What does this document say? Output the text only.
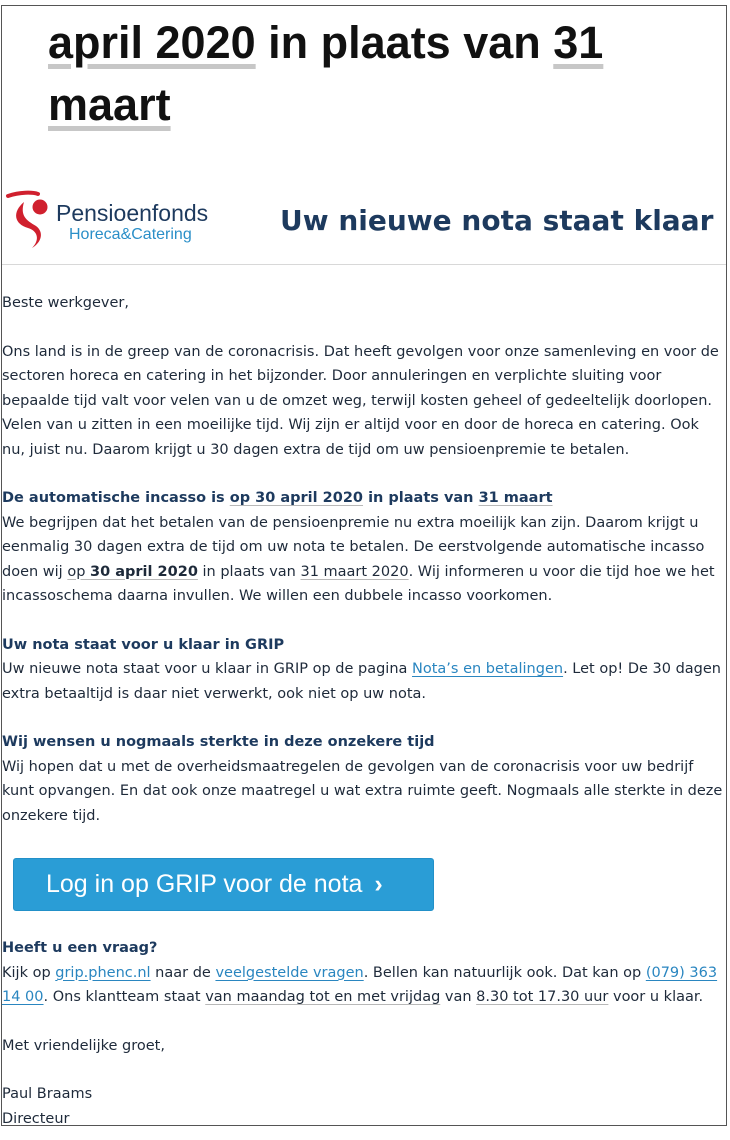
april 2020 in plaats van 31
maart
Pensioenfonds
Horeca&Catering	Uw nieuwe nota staat klaar

Beste werkgever,

Ons land is in de greep van de coronacrisis. Dat heeft gevolgen voor onze samenleving en voor de

sectoren horeca en catering in het bijzonder. Door annuleringen en verplichte sluiting voor

bepaalde tijd valt voor velen van u de omzet weg, terwijl kosten geheel of gedeeltelijk doorlopen.

Velen van u zitten in een moeilijke tijd. Wij zijn er altijd voor en door de horeca en catering. Ook

nu, juist nu. Daarom krijgt u 30 dagen extra de tijd om uw pensioenpremie te betalen.

De automatische incasso is op 30 april 2020 in plaats van 31 maart

We begrijpen dat het betalen van de pensioenpremie nu extra moeilijk kan zijn. Daarom krijgt u

eenmalig 30 dagen extra de tijd om uw nota te betalen. De eerstvolgende automatische incasso

doen wij op 30 april 2020 in plaats van 31 maart 2020. Wij informeren u voor die tijd hoe we het

incassoschema daarna invullen. We willen een dubbele incasso voorkomen.

Uw nota staat voor u klaar in GRIP

Uw nieuwe nota staat voor u klaar in GRIP op de pagina Nota’s en betalingen. Let op! De 30 dagen

extra betaaltijd is daar niet verwerkt, ook niet op uw nota.

Wij wensen u nogmaals sterkte in deze onzekere tijd

Wij hopen dat u met de overheidsmaatregelen de gevolgen van de coronacrisis voor uw bedrijf

kunt opvangen. En dat ook onze maatregel u wat extra ruimte geeft. Nogmaals alle sterkte in deze

onzekere tijd.

Log in op GRIP voor de nota ›

Heeft u een vraag?

Kijk op grip.phenc.nl naar de veelgestelde vragen. Bellen kan natuurlijk ook. Dat kan op (079) 363

14 00. Ons klantteam staat van maandag tot en met vrijdag van 8.30 tot 17.30 uur voor u klaar.

Met vriendelijke groet,

Paul Braams

Directeur
